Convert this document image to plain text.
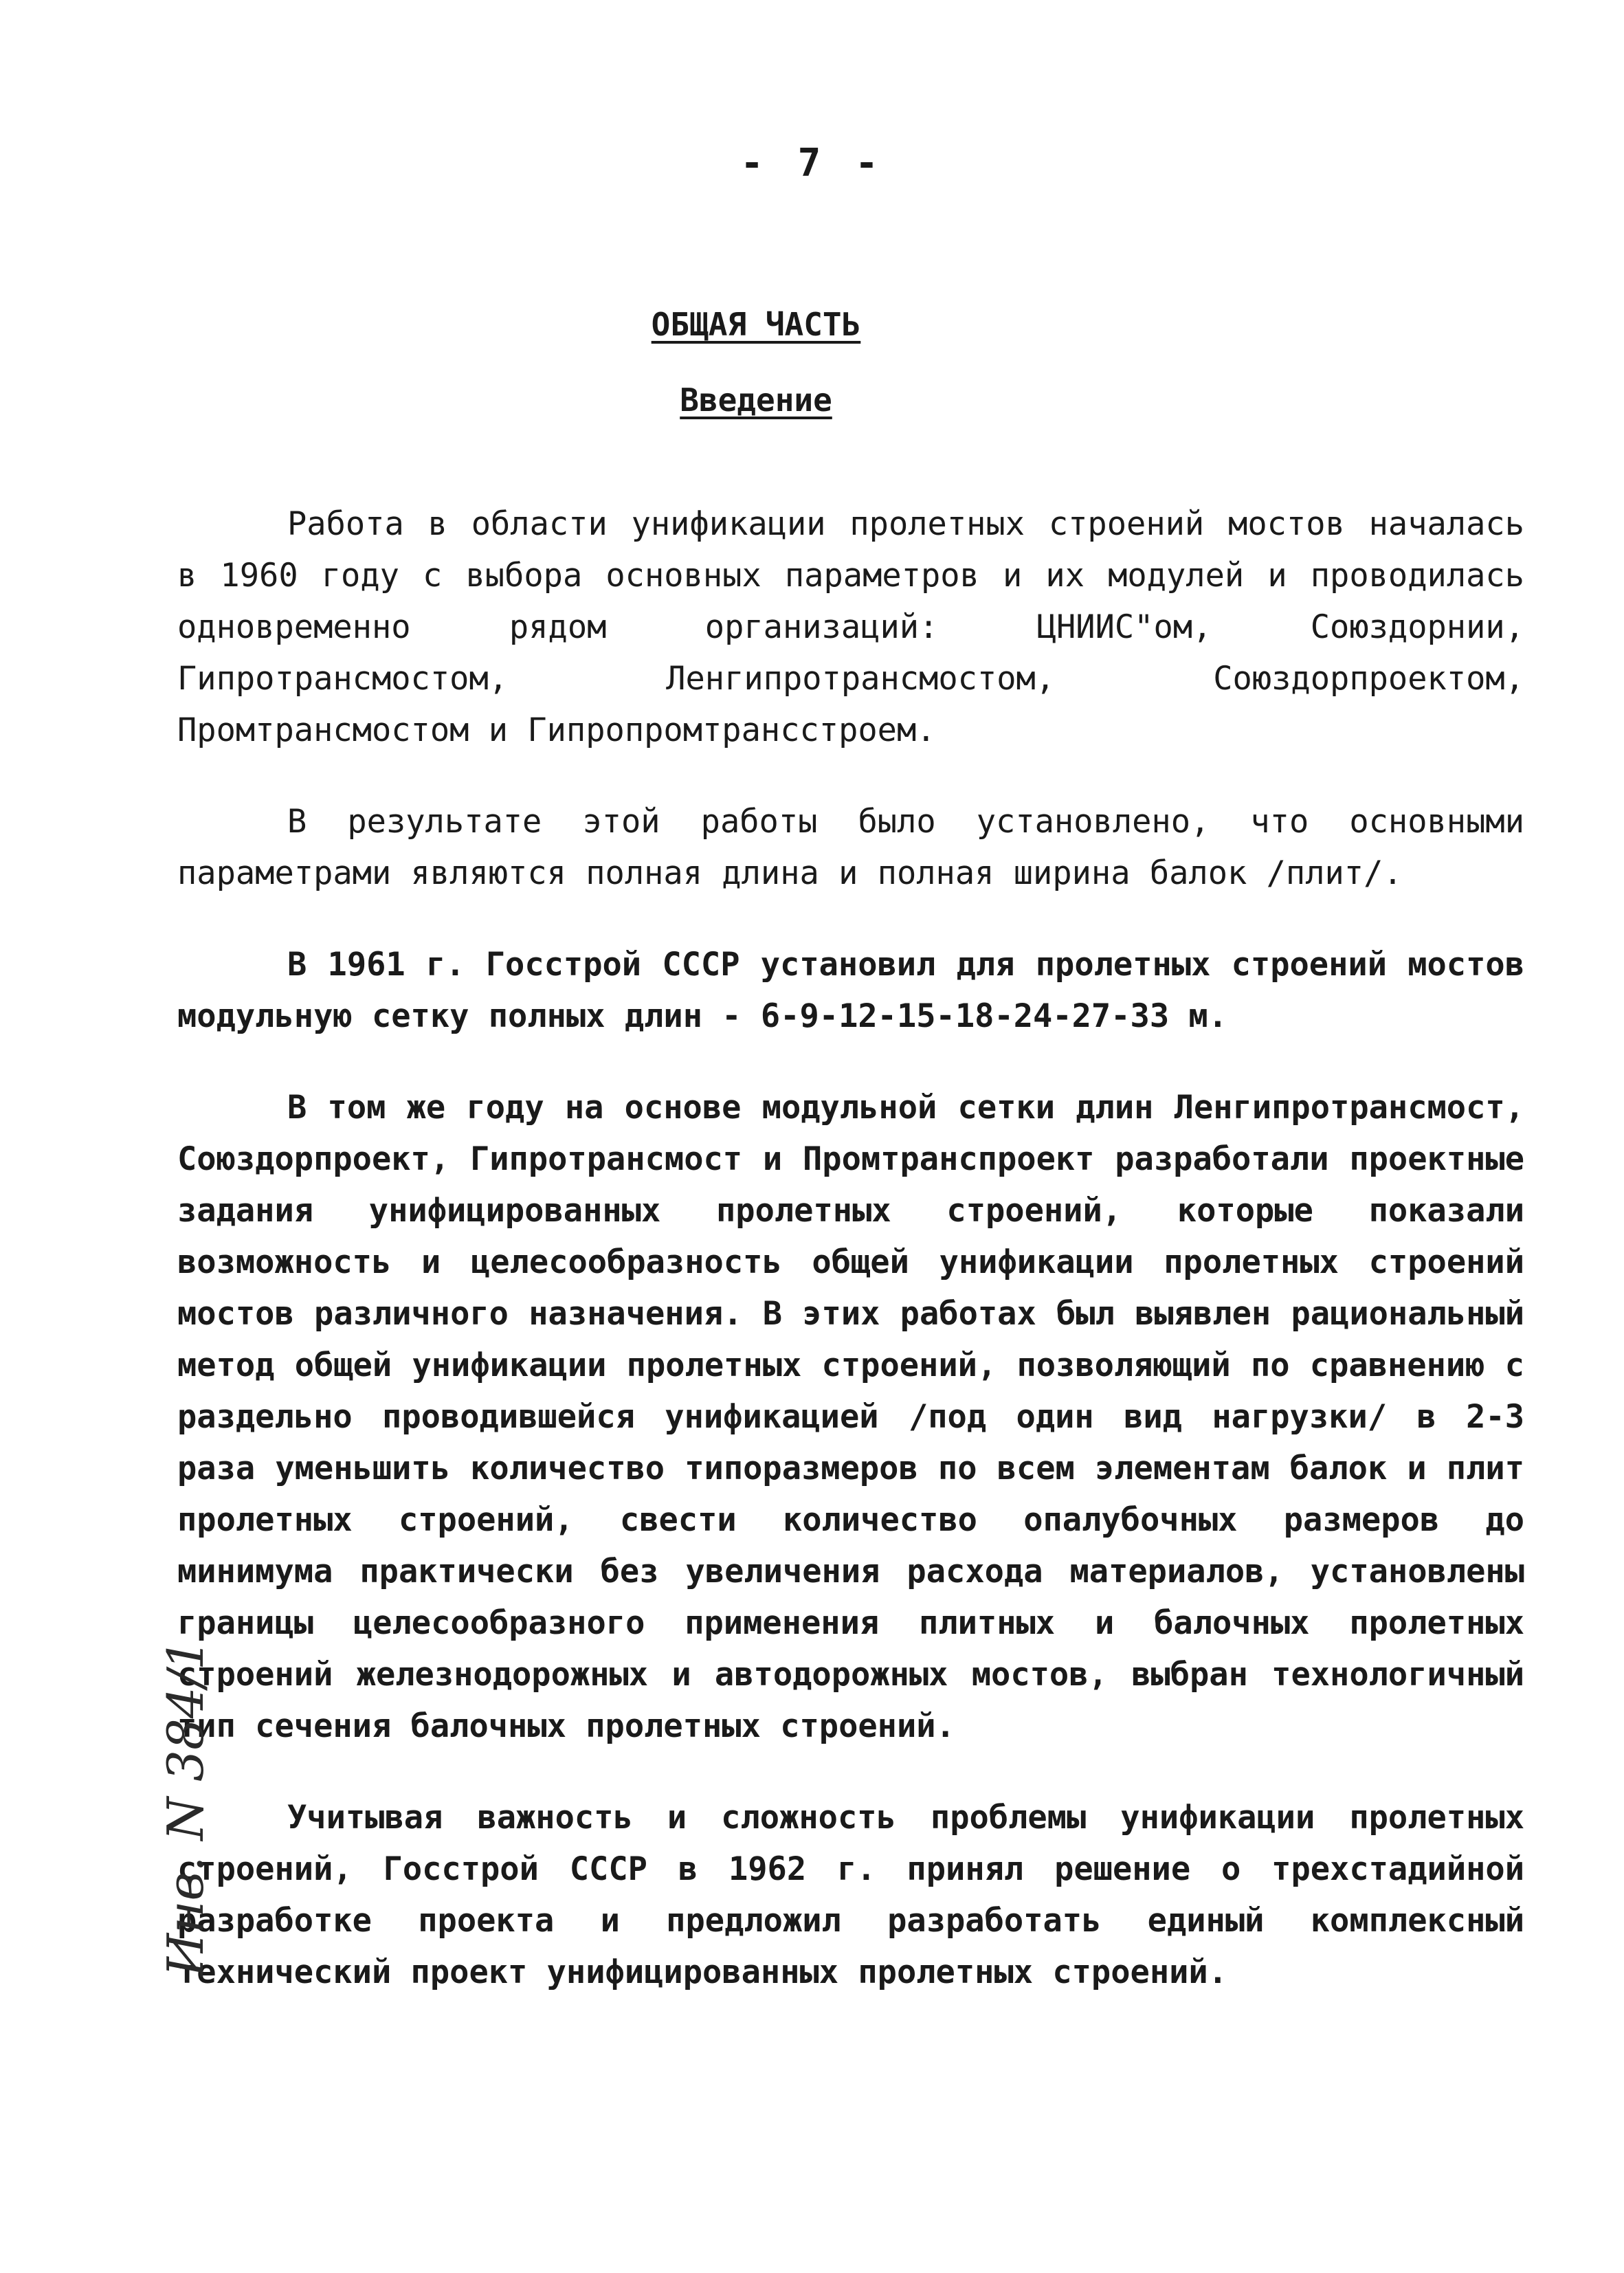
- 7 -
ОБЩАЯ ЧАСТЬ
Введение

Работа в области унификации пролетных строений мостов началась в 1960 году с выбора основных параметров и их модулей и проводилась одновременно рядом организаций: ЦНИИС"ом, Союздорнии, Гипротрансмостом, Ленгипротрансмостом, Союздорпроектом, Промтрансмостом и Гипропромтрансстроем.

В результате этой работы было установлено, что основными параметрами являются полная длина и полная ширина балок /плит/.

В 1961 г. Госстрой СССР установил для пролетных строений мостов модульную сетку полных длин - 6-9-12-15-18-24-27-33 м.

В том же году на основе модульной сетки длин Ленгипротрансмост, Союздорпроект, Гипротрансмост и Промтранспроект разработали проектные задания унифицированных пролетных строений, которые показали возможность и целесообразность общей унификации пролетных строений мостов различного назначения. В этих работах был выявлен рациональный метод общей унификации пролетных строений, позволяющий по сравнению с раздельно проводившейся унификацией /под один вид нагрузки/ в 2-3 раза уменьшить количество типоразмеров по всем элементам балок и плит пролетных строений, свести количество опалубочных размеров до минимума практически без увеличения расхода материалов, установлены границы целесообразного применения плитных и балочных пролетных строений железнодорожных и автодорожных мостов, выбран технологичный тип сечения балочных пролетных строений.

Учитывая важность и сложность проблемы унификации пролетных строений, Госстрой СССР в 1962 г. принял решение о трехстадийной разработке проекта и предложил разработать единый комплексный технический проект унифицированных пролетных строений.

Инв. N 384/1
